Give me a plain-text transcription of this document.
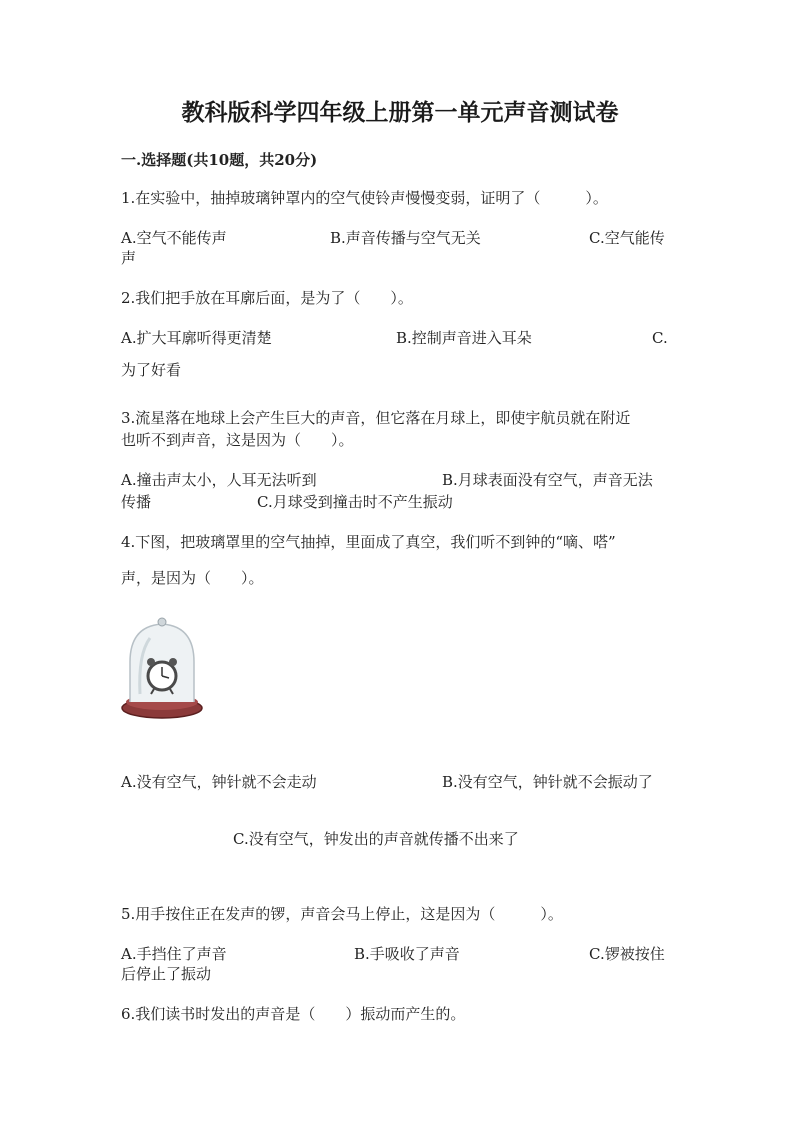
教科版科学四年级上册第一单元声音测试卷
一.选择题(共10题，共20分)
1.在实验中，抽掉玻璃钟罩内的空气使铃声慢慢变弱，证明了（　　　）。
A.空气不能传声	B.声音传播与空气无关	C.空气能传
声
2.我们把手放在耳廓后面，是为了（　　）。
A.扩大耳廓听得更清楚	B.控制声音进入耳朵	C.
为了好看
3.流星落在地球上会产生巨大的声音，但它落在月球上，即使宇航员就在附近
也听不到声音，这是因为（　　）。
A.撞击声太小，人耳无法听到	B.月球表面没有空气，声音无法
传播	C.月球受到撞击时不产生振动
4.下图，把玻璃罩里的空气抽掉，里面成了真空，我们听不到钟的“嘀、嗒”
声，是因为（　　）。
A.没有空气，钟针就不会走动	B.没有空气，钟针就不会振动了
C.没有空气，钟发出的声音就传播不出来了
5.用手按住正在发声的锣，声音会马上停止，这是因为（　　　）。
A.手挡住了声音	B.手吸收了声音	C.锣被按住
后停止了振动
6.我们读书时发出的声音是（　　）振动而产生的。
